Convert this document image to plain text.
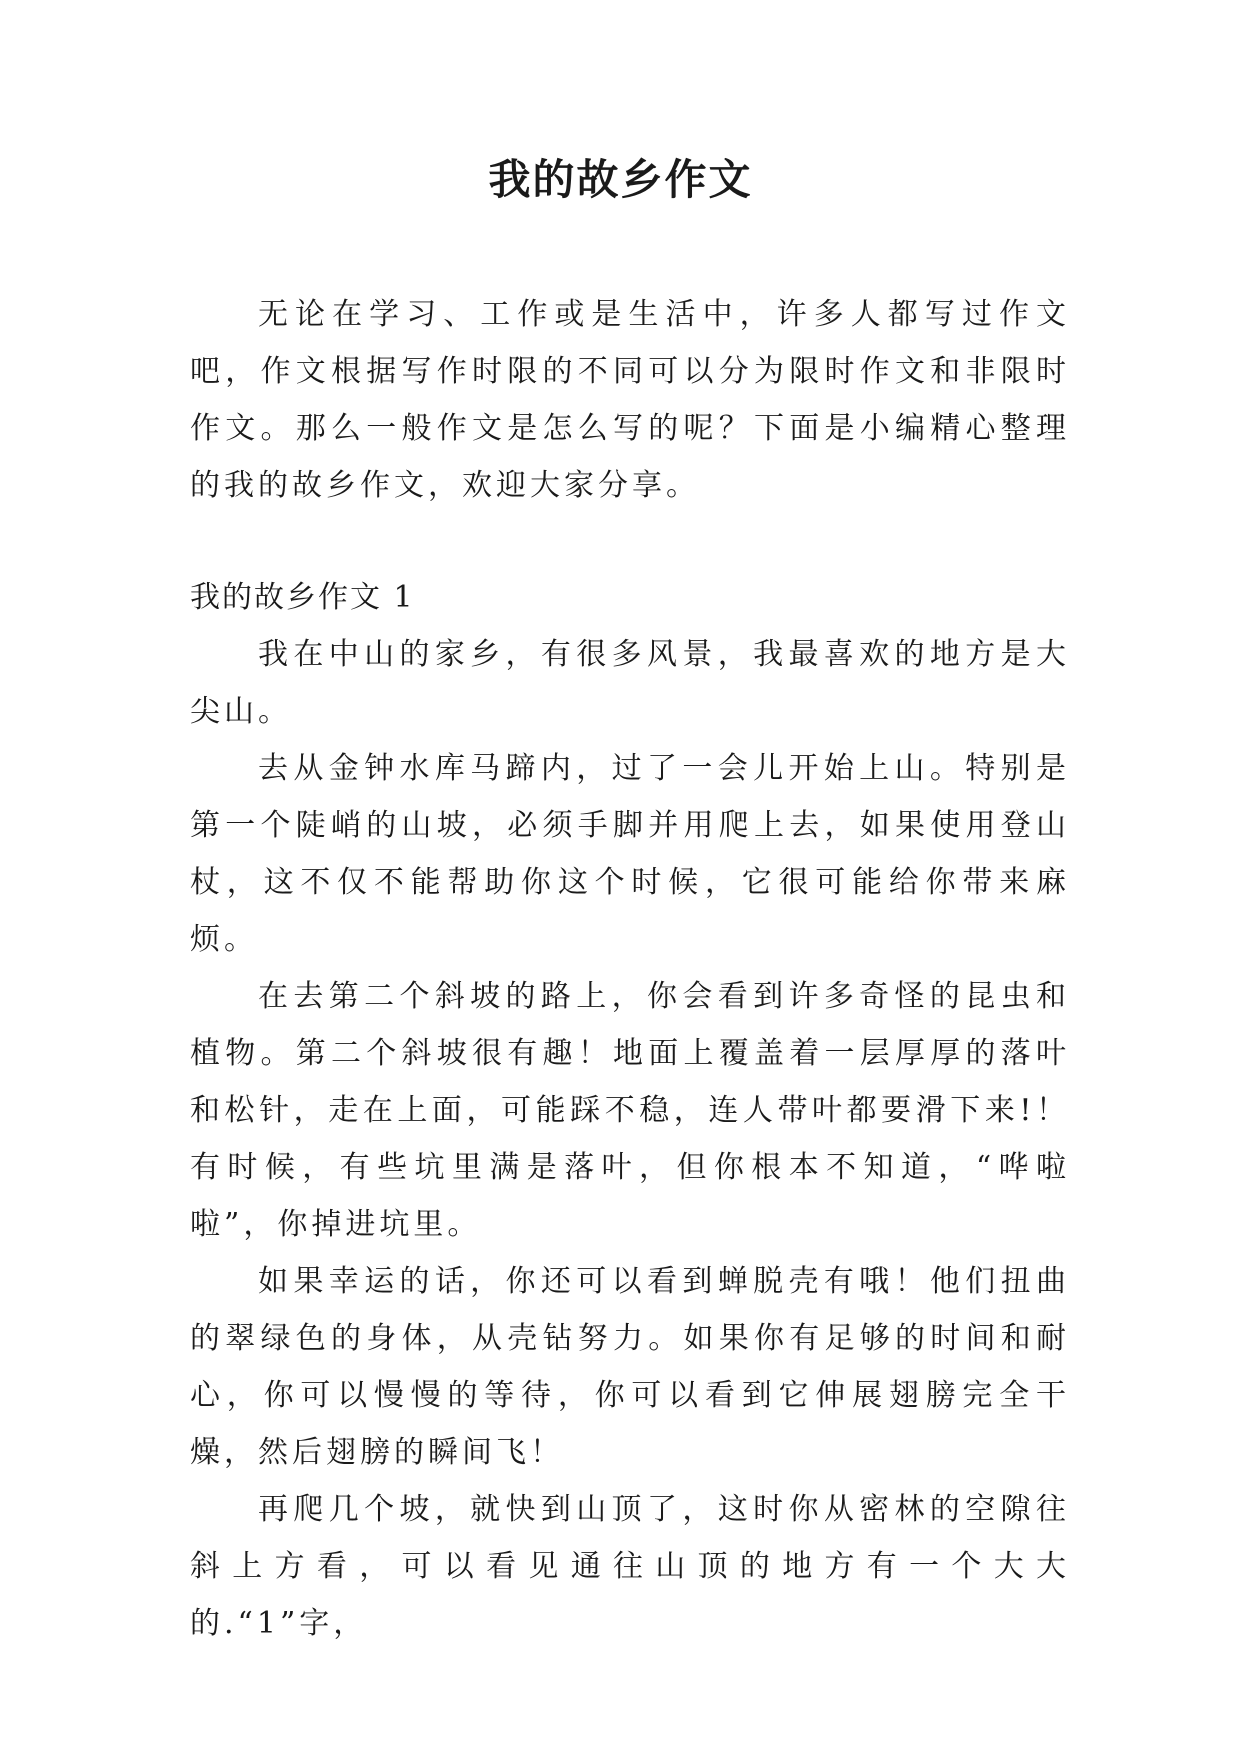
我的故乡作文

无论在学习、工作或是生活中，许多人都写过作文吧，作文根据写作时限的不同可以分为限时作文和非限时作文。那么一般作文是怎么写的呢？下面是小编精心整理的我的故乡作文，欢迎大家分享。

我的故乡作文 1

我在中山的家乡，有很多风景，我最喜欢的地方是大尖山。

去从金钟水库马蹄内，过了一会儿开始上山。特别是第一个陡峭的山坡，必须手脚并用爬上去，如果使用登山杖，这不仅不能帮助你这个时候，它很可能给你带来麻烦。

在去第二个斜坡的路上，你会看到许多奇怪的昆虫和植物。第二个斜坡很有趣！地面上覆盖着一层厚厚的落叶和松针，走在上面，可能踩不稳，连人带叶都要滑下来!！有时候，有些坑里满是落叶，但你根本不知道，“哗啦啦”，你掉进坑里。

如果幸运的话，你还可以看到蝉脱壳有哦！他们扭曲的翠绿色的身体，从壳钻努力。如果你有足够的时间和耐心，你可以慢慢的等待，你可以看到它伸展翅膀完全干燥，然后翅膀的瞬间飞！

再爬几个坡，就快到山顶了，这时你从密林的空隙往斜上方看，可以看见通往山顶的地方有一个大大的.“1”字，
